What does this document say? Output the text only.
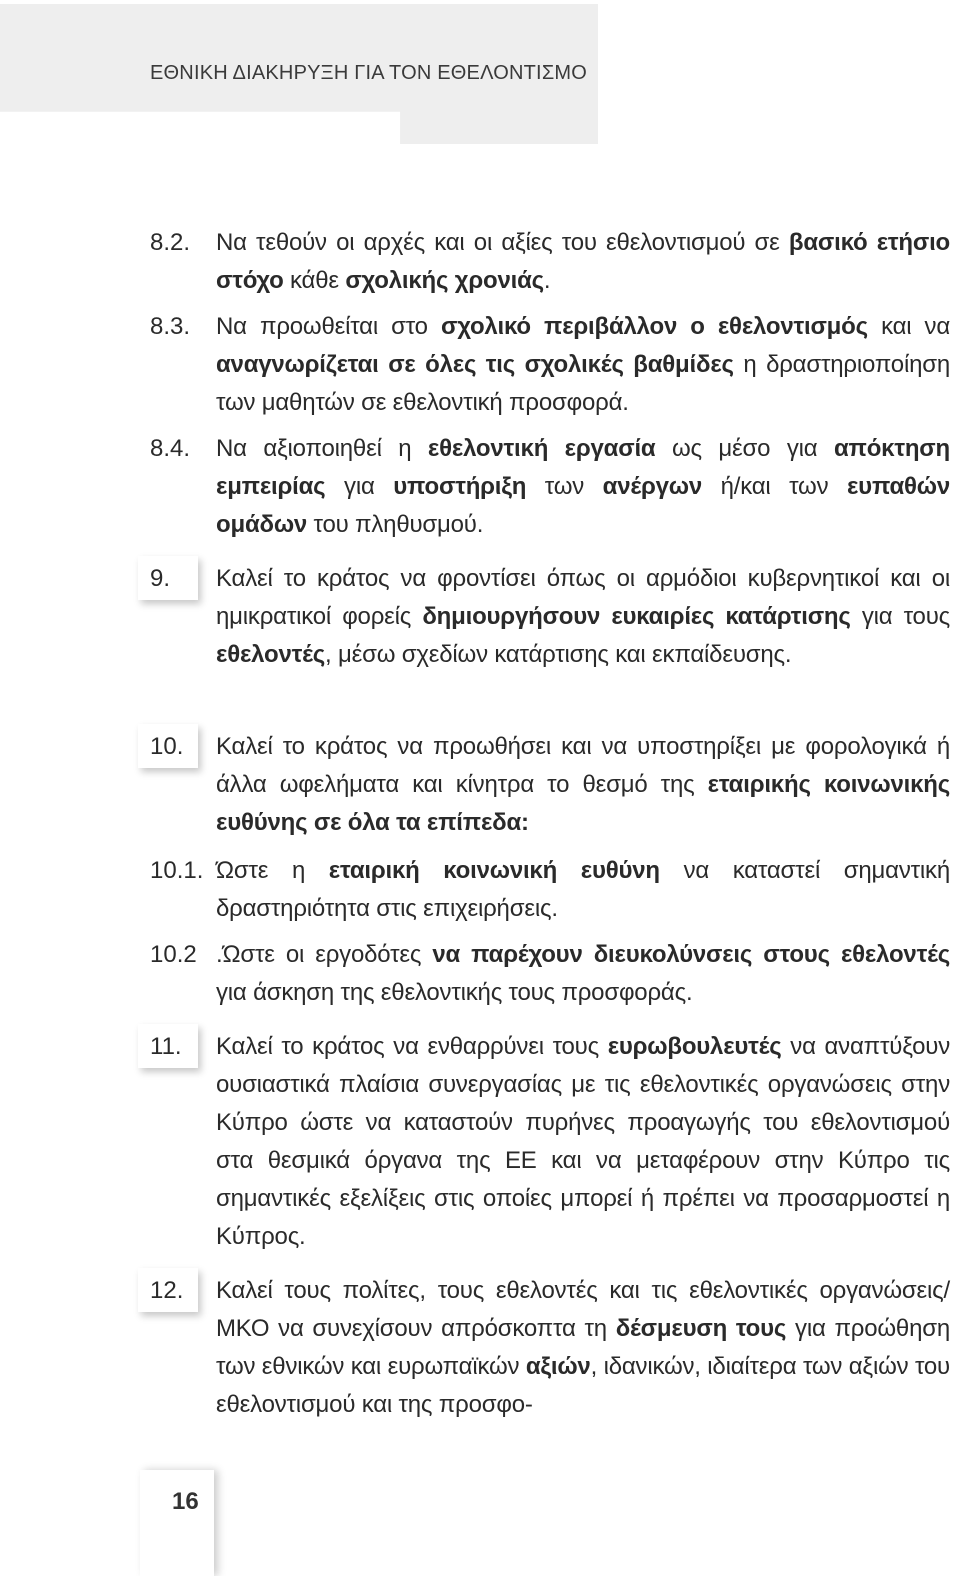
ΕΘΝΙΚΗ ΔΙΑΚΗΡΥΞΗ ΓΙΑ ΤΟΝ ΕΘΕΛΟΝΤΙΣΜΟ
8.2. Να τεθούν οι αρχές και οι αξίες του εθελοντισμού σε βασικό ετήσιο στόχο κάθε σχολικής χρονιάς.
8.3. Να προωθείται στο σχολικό περιβάλλον ο εθελοντισμός και να αναγνωρίζεται σε όλες τις σχολικές βαθμίδες η δραστηριοποίηση των μαθητών σε εθελοντική προσφορά.
8.4. Να αξιοποιηθεί η εθελοντική εργασία ως μέσο για απόκτηση εμπειρίας για υποστήριξη των ανέργων ή/και των ευπαθών ομάδων του πληθυσμού.
9.	Καλεί το κράτος να φροντίσει όπως οι αρμόδιοι κυβερνητικοί και οι ημικρατικοί φορείς δημιουργήσουν ευκαιρίες κατάρτισης για τους εθελοντές, μέσω σχεδίων κατάρτισης και εκπαίδευσης.
10.	Καλεί το κράτος να προωθήσει και να υποστηρίξει με φορολογικά ή άλλα ωφελήματα και κίνητρα το θεσμό της εταιρικής κοινωνικής ευθύνης σε όλα τα επίπεδα:
10.1. Ώστε η εταιρική κοινωνική ευθύνη να καταστεί σημαντική δραστηριότητα στις επιχειρήσεις.
10.2 .Ώστε οι εργοδότες να παρέχουν διευκολύνσεις στους εθελοντές για άσκηση της εθελοντικής τους προσφοράς.
11.	Καλεί το κράτος να ενθαρρύνει τους ευρωβουλευτές να αναπτύξουν ουσιαστικά πλαίσια συνεργασίας με τις εθελοντικές οργανώσεις στην Κύπρο ώστε να καταστούν πυρήνες προαγωγής του εθελοντισμού στα θεσμικά όργανα της ΕΕ και να μεταφέρουν στην Κύπρο τις σημαντικές εξελίξεις στις οποίες μπορεί ή πρέπει να προσαρμοστεί η Κύπρος.
12.	Καλεί τους πολίτες, τους εθελοντές και τις εθελοντικές οργανώσεις/ΜΚΟ να συνεχίσουν απρόσκοπτα τη δέσμευση τους για προώθηση των εθνικών και ευρωπαϊκών αξιών, ιδανικών, ιδιαίτερα των αξιών του εθελοντισμού και της προσφο-
16
